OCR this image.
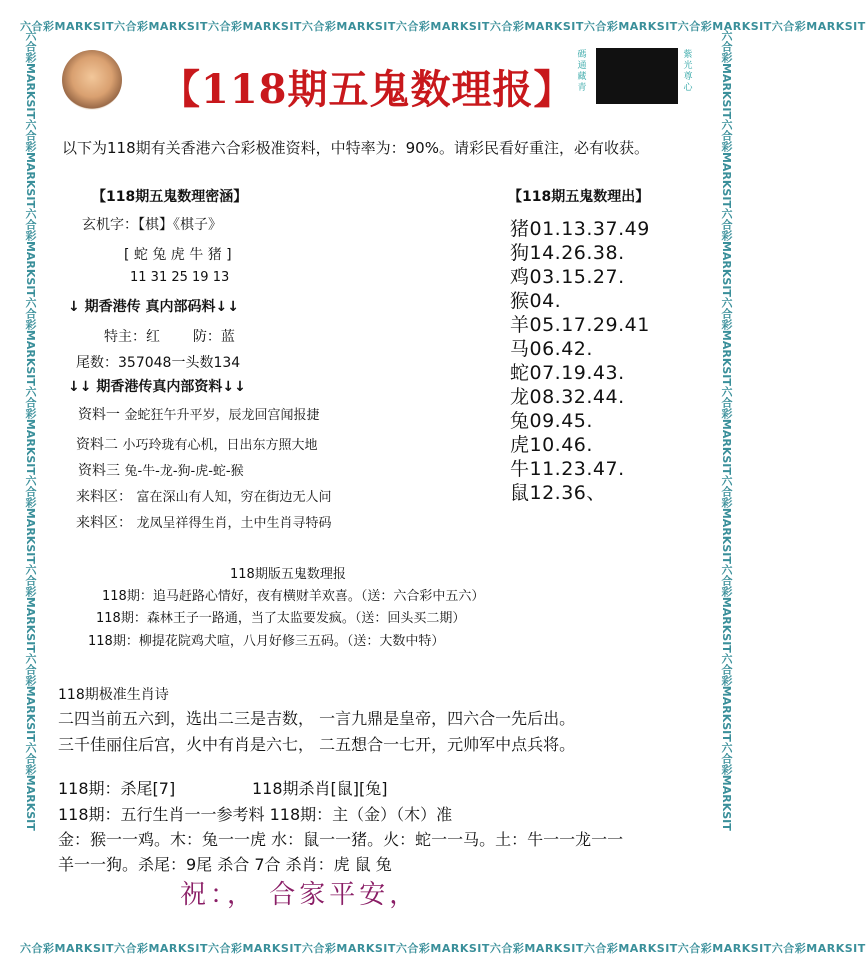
六合彩MARKSIT六合彩MARKSIT六合彩MARKSIT六合彩MARKSIT六合彩MARKSIT六合彩MARKSIT六合彩MARKSIT六合彩MARKSIT六合彩MARKSIT
六合彩MARKSIT六合彩MARKSIT六合彩MARKSIT六合彩MARKSIT六合彩MARKSIT六合彩MARKSIT六合彩MARKSIT六合彩MARKSIT六合彩MARKSIT
六合彩MARKSIT六合彩MARKSIT六合彩MARKSIT六合彩MARKSIT六合彩MARKSIT六合彩MARKSIT六合彩MARKSIT六合彩MARKSIT六合彩MARKSIT	六合彩MARKSIT六合彩MARKSIT六合彩MARKSIT六合彩MARKSIT六合彩MARKSIT六合彩MARKSIT六合彩MARKSIT六合彩MARKSIT六合彩MARKSIT
【118期五鬼数理报】
碼通藏青
紫光尊心
以下为118期有关香港六合彩极准资料，中特率为：90%。请彩民看好重注，必有收获。
【118期五鬼数理密涵】
玄机字：【棋】《棋子》
[ 蛇 兔 虎 牛 猪 ]
11 31 25 19 13
↓ 期香港传 真内部码料↓↓
特主：红 防：蓝
尾数：357048一头数134
↓↓ 期香港传真内部资料↓↓
资料一 金蛇狂午升平岁，辰龙回宫闻报捷
资料二 小巧玲珑有心机，日出东方照大地
资料三 兔-牛-龙-狗-虎-蛇-猴
来料区： 富在深山有人知，穷在街边无人问
来料区： 龙凤呈祥得生肖，土中生肖寻特码
【118期五鬼数理出】
猪01.13.37.49
狗14.26.38.
鸡03.15.27.
猴04.
羊05.17.29.41
马06.42.
蛇07.19.43.
龙08.32.44.
兔09.45.
虎10.46.
牛11.23.47.
鼠12.36、
118期版五鬼数理报
118期：追马赶路心情好，夜有横财羊欢喜。（送：六合彩中五六）
118期：森林王子一路通，当了太监要发疯。（送：回头买二期）
118期：柳提花院鸡犬喧，八月好修三五码。（送：大数中特）
118期极准生肖诗
二四当前五六到，选出二三是吉数， 一言九鼎是皇帝，四六合一先后出。
三千佳丽住后宫，火中有肖是六七， 二五想合一七开，元帅军中点兵将。
118期：杀尾[7]	118期杀肖[鼠][兔]
118期：五行生肖一一参考料 118期：主（金）（木）准
金：猴一一鸡。木：兔一一虎 水：鼠一一猪。火：蛇一一马。土：牛一一龙一一
羊一一狗。杀尾：9尾 杀合 7合 杀肖：虎 鼠 兔
祝：， 合家平安，
